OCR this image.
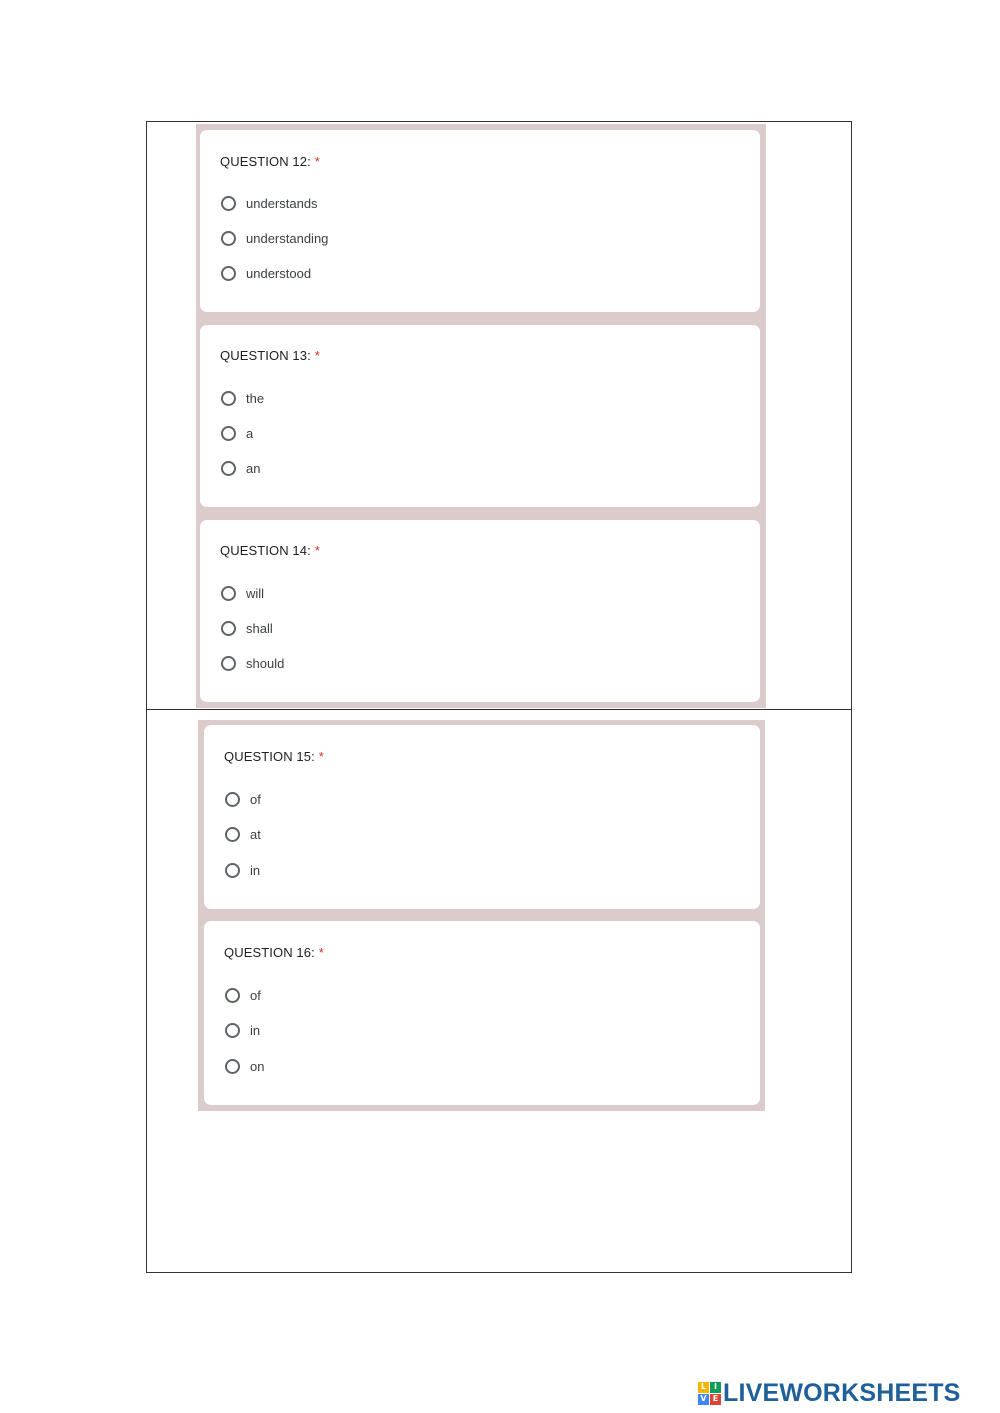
QUESTION 12: *
understands
understanding
understood
QUESTION 13: *
the
a
an
QUESTION 14: *
will
shall
should
QUESTION 15: *
of
at
in
QUESTION 16: *
of
in
on
L I
V E LIVEWORKSHEETS
